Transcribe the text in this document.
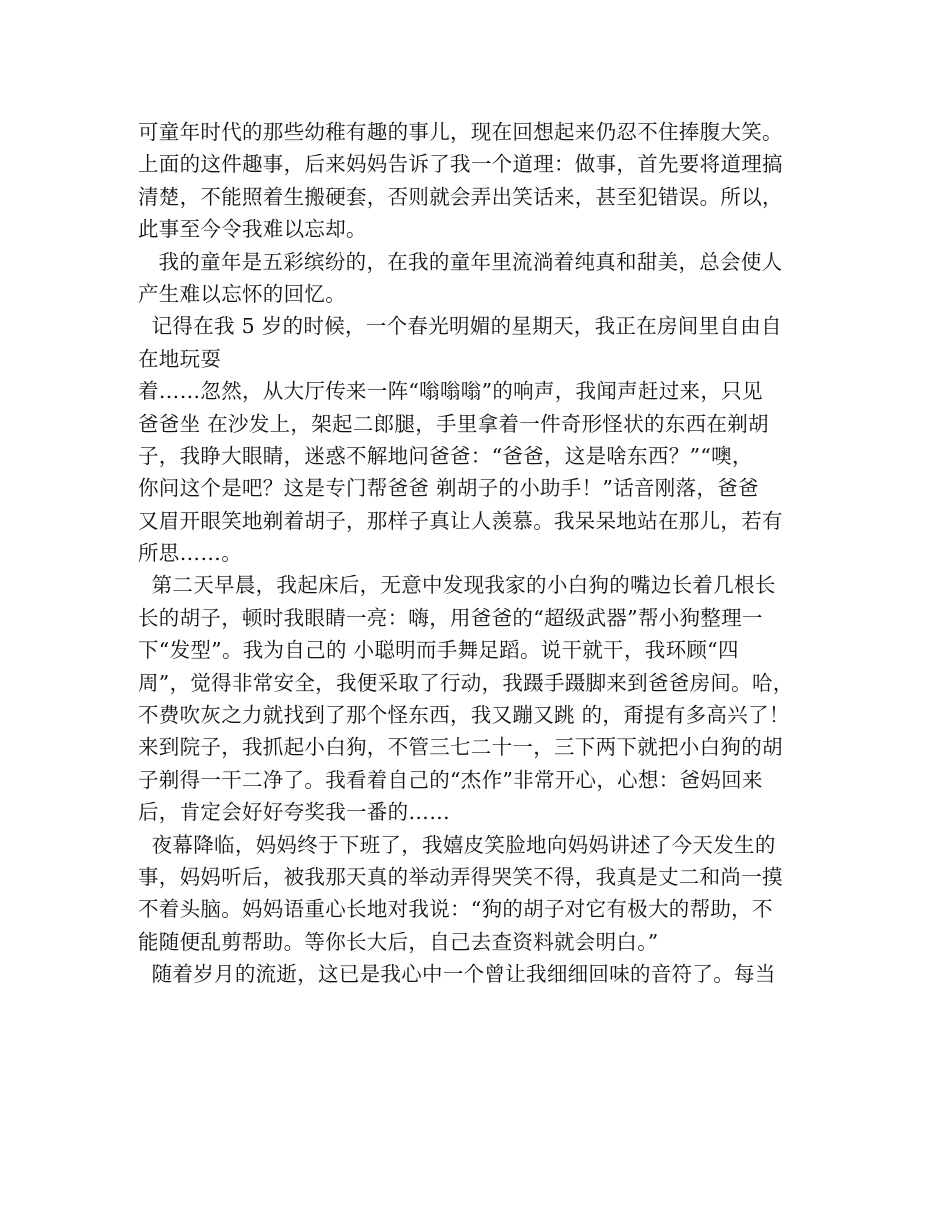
可童年时代的那些幼稚有趣的事儿，现在回想起来仍忍不住捧腹大笑。
上面的这件趣事，后来妈妈告诉了我一个道理：做事，首先要将道理搞
清楚，不能照着生搬硬套，否则就会弄出笑话来，甚至犯错误。所以，
此事至今令我难以忘却。
我的童年是五彩缤纷的，在我的童年里流淌着纯真和甜美，总会使人
产生难以忘怀的回忆。
记得在我 5 岁的时候，一个春光明媚的星期天，我正在房间里自由自
在地玩耍
着……忽然，从大厅传来一阵“嗡嗡嗡”的响声，我闻声赶过来，只见
爸爸坐 在沙发上，架起二郎腿，手里拿着一件奇形怪状的东西在剃胡
子，我睁大眼睛，迷惑不解地问爸爸：“爸爸，这是啥东西？”“噢，
你问这个是吧？这是专门帮爸爸 剃胡子的小助手！”话音刚落，爸爸
又眉开眼笑地剃着胡子，那样子真让人羡慕。我呆呆地站在那儿，若有
所思……。
第二天早晨，我起床后，无意中发现我家的小白狗的嘴边长着几根长
长的胡子，顿时我眼睛一亮：嗨，用爸爸的“超级武器”帮小狗整理一
下“发型”。我为自己的 小聪明而手舞足蹈。说干就干，我环顾“四
周”，觉得非常安全，我便采取了行动，我蹑手蹑脚来到爸爸房间。哈，
不费吹灰之力就找到了那个怪东西，我又蹦又跳 的，甭提有多高兴了！
来到院子，我抓起小白狗，不管三七二十一，三下两下就把小白狗的胡
子剃得一干二净了。我看着自己的“杰作”非常开心，心想：爸妈回来
后，肯定会好好夸奖我一番的……
夜幕降临，妈妈终于下班了，我嬉皮笑脸地向妈妈讲述了今天发生的
事，妈妈听后，被我那天真的举动弄得哭笑不得，我真是丈二和尚一摸
不着头脑。妈妈语重心长地对我说：“狗的胡子对它有极大的帮助，不
能随便乱剪帮助。等你长大后，自己去查资料就会明白。”
随着岁月的流逝，这已是我心中一个曾让我细细回味的音符了。每当
